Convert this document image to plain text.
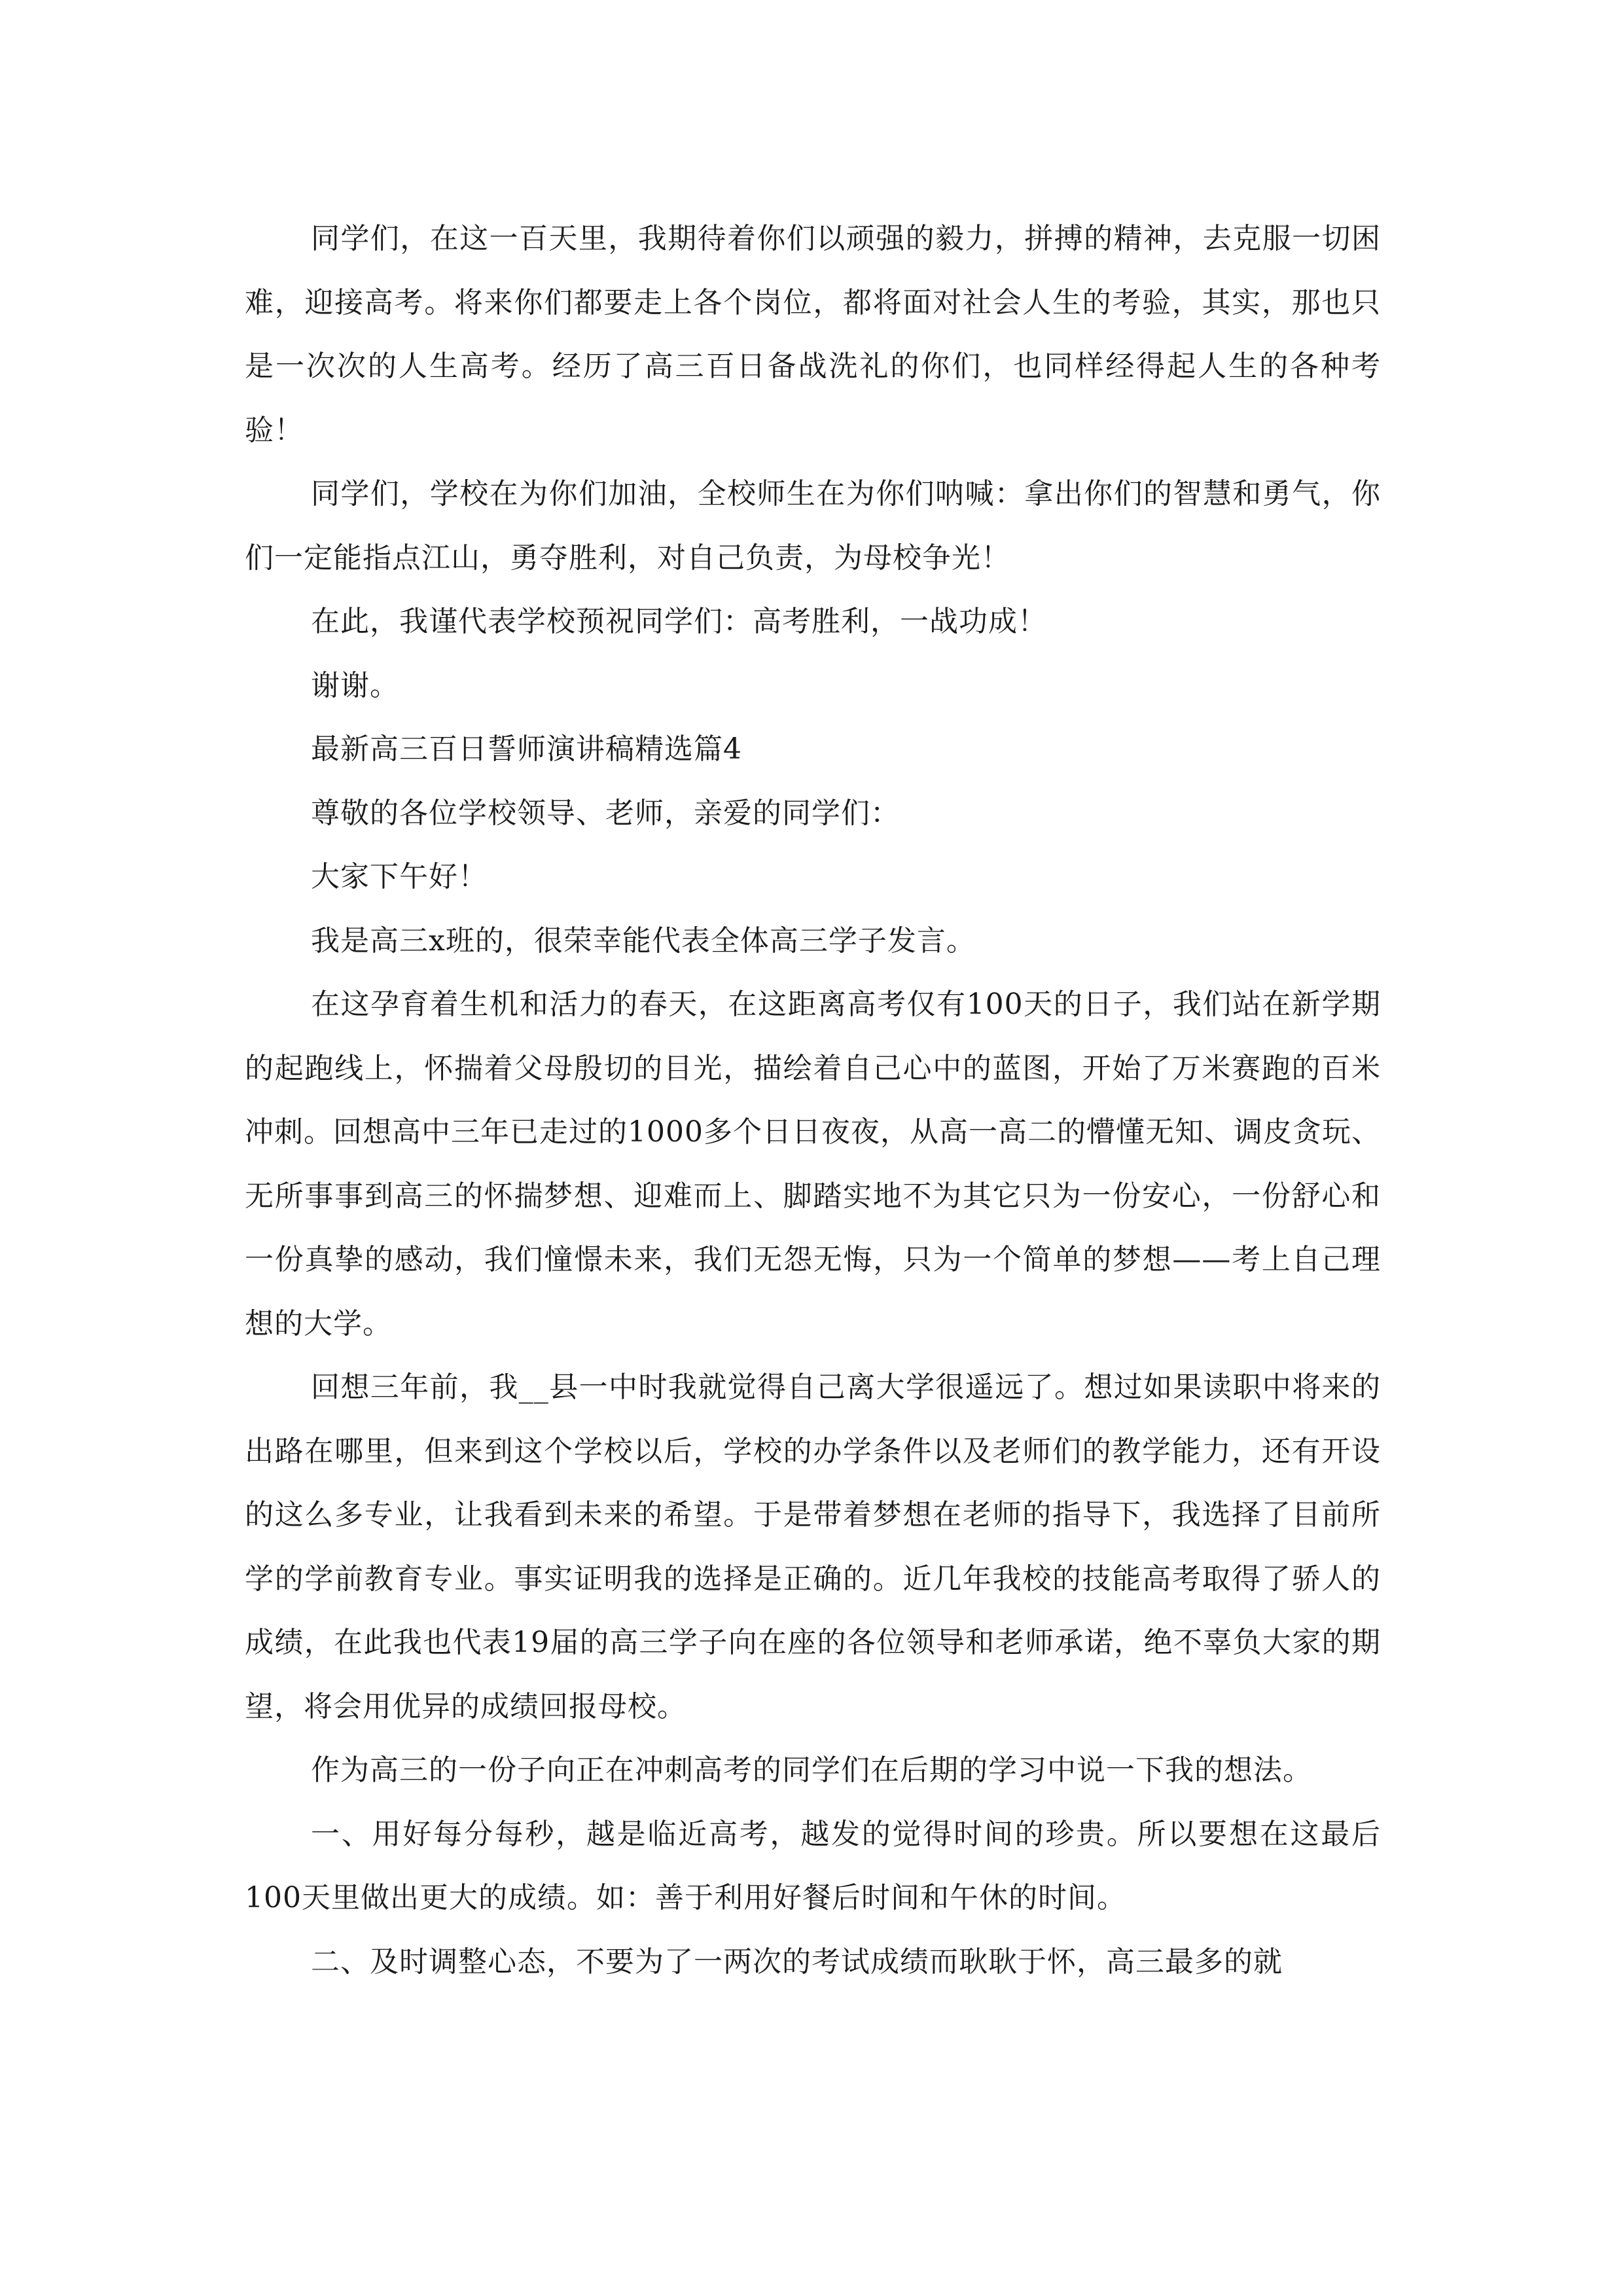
同学们，在这一百天里，我期待着你们以顽强的毅力，拼搏的精神，去克服一切困难，迎接高考。将来你们都要走上各个岗位，都将面对社会人生的考验，其实，那也只是一次次的人生高考。经历了高三百日备战洗礼的你们，也同样经得起人生的各种考验！

同学们，学校在为你们加油，全校师生在为你们呐喊：拿出你们的智慧和勇气，你们一定能指点江山，勇夺胜利，对自己负责，为母校争光！

在此，我谨代表学校预祝同学们：高考胜利，一战功成！

谢谢。

最新高三百日誓师演讲稿精选篇4

尊敬的各位学校领导、老师，亲爱的同学们：

大家下午好！

我是高三x班的，很荣幸能代表全体高三学子发言。

在这孕育着生机和活力的春天，在这距离高考仅有100天的日子，我们站在新学期的起跑线上，怀揣着父母殷切的目光，描绘着自己心中的蓝图，开始了万米赛跑的百米冲刺。回想高中三年已走过的1000多个日日夜夜，从高一高二的懵懂无知、调皮贪玩、无所事事到高三的怀揣梦想、迎难而上、脚踏实地不为其它只为一份安心，一份舒心和一份真挚的感动，我们憧憬未来，我们无怨无悔，只为一个简单的梦想——考上自己理想的大学。

回想三年前，我__县一中时我就觉得自己离大学很遥远了。想过如果读职中将来的出路在哪里，但来到这个学校以后，学校的办学条件以及老师们的教学能力，还有开设的这么多专业，让我看到未来的希望。于是带着梦想在老师的指导下，我选择了目前所学的学前教育专业。事实证明我的选择是正确的。近几年我校的技能高考取得了骄人的成绩，在此我也代表19届的高三学子向在座的各位领导和老师承诺，绝不辜负大家的期望，将会用优异的成绩回报母校。

作为高三的一份子向正在冲刺高考的同学们在后期的学习中说一下我的想法。

一、用好每分每秒，越是临近高考，越发的觉得时间的珍贵。所以要想在这最后100天里做出更大的成绩。如：善于利用好餐后时间和午休的时间。

二、及时调整心态，不要为了一两次的考试成绩而耿耿于怀，高三最多的就
